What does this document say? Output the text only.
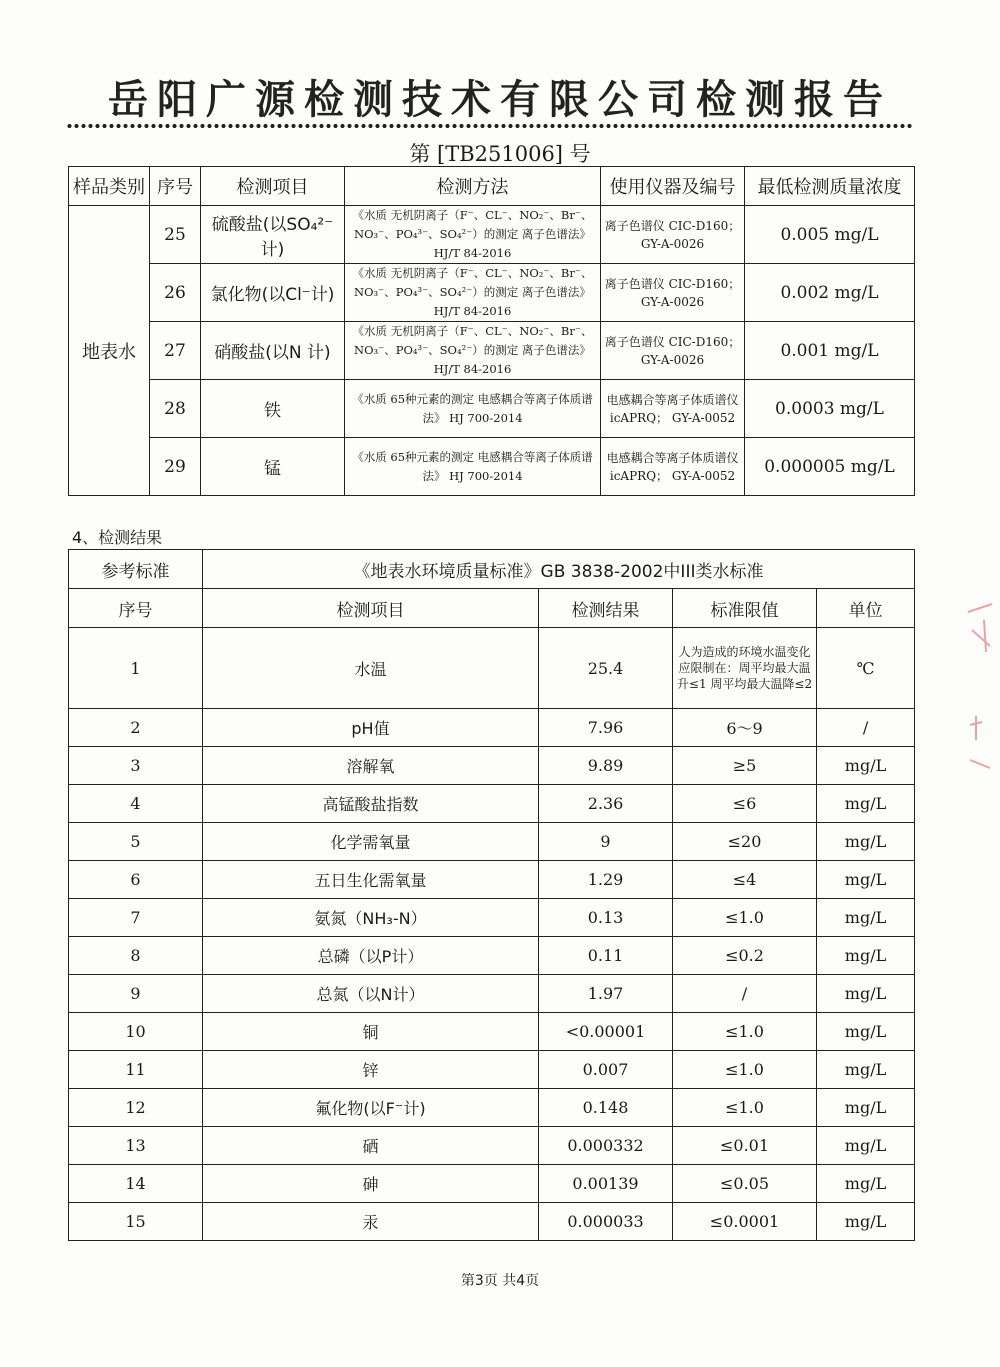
岳阳广源检测技术有限公司检测报告
第 [TB251006] 号
样品类别	序号	检测项目	检测方法	使用仪器及编号	最低检测质量浓度
地表水	25	硫酸盐(以SO₄²⁻计)	《水质 无机阴离子（F⁻、CL⁻、NO₂⁻、Br⁻、NO₃⁻、PO₄³⁻、SO₄²⁻）的测定 离子色谱法》 HJ/T 84-2016	离子色谱仪 CIC-D160； GY-A-0026	0.005 mg/L
	26	氯化物(以Cl⁻计)	《水质 无机阴离子（F⁻、CL⁻、NO₂⁻、Br⁻、NO₃⁻、PO₄³⁻、SO₄²⁻）的测定 离子色谱法》 HJ/T 84-2016	离子色谱仪 CIC-D160； GY-A-0026	0.002 mg/L
	27	硝酸盐(以N 计)	《水质 无机阴离子（F⁻、CL⁻、NO₂⁻、Br⁻、NO₃⁻、PO₄³⁻、SO₄²⁻）的测定 离子色谱法》 HJ/T 84-2016	离子色谱仪 CIC-D160； GY-A-0026	0.001 mg/L
	28	铁	《水质 65种元素的测定 电感耦合等离子体质谱法》 HJ 700-2014	电感耦合等离子体质谱仪icAPRQ； GY-A-0052	0.0003 mg/L
	29	锰	《水质 65种元素的测定 电感耦合等离子体质谱法》 HJ 700-2014	电感耦合等离子体质谱仪icAPRQ； GY-A-0052	0.000005 mg/L
4、检测结果
参考标准	《地表水环境质量标准》GB 3838-2002中III类水标准			
序号	检测项目	检测结果	标准限值	单位
1	水温	25.4	人为造成的环境水温变化应限制在：周平均最大温升≤1 周平均最大温降≤2	℃
2	pH值	7.96	6～9	/
3	溶解氧	9.89	≥5	mg/L
4	高锰酸盐指数	2.36	≤6	mg/L
5	化学需氧量	9	≤20	mg/L
6	五日生化需氧量	1.29	≤4	mg/L
7	氨氮（NH₃-N）	0.13	≤1.0	mg/L
8	总磷（以P计）	0.11	≤0.2	mg/L
9	总氮（以N计）	1.97	/	mg/L
10	铜	<0.00001	≤1.0	mg/L
11	锌	0.007	≤1.0	mg/L
12	氟化物(以F⁻计)	0.148	≤1.0	mg/L
13	硒	0.000332	≤0.01	mg/L
14	砷	0.00139	≤0.05	mg/L
15	汞	0.000033	≤0.0001	mg/L
第3页 共4页
